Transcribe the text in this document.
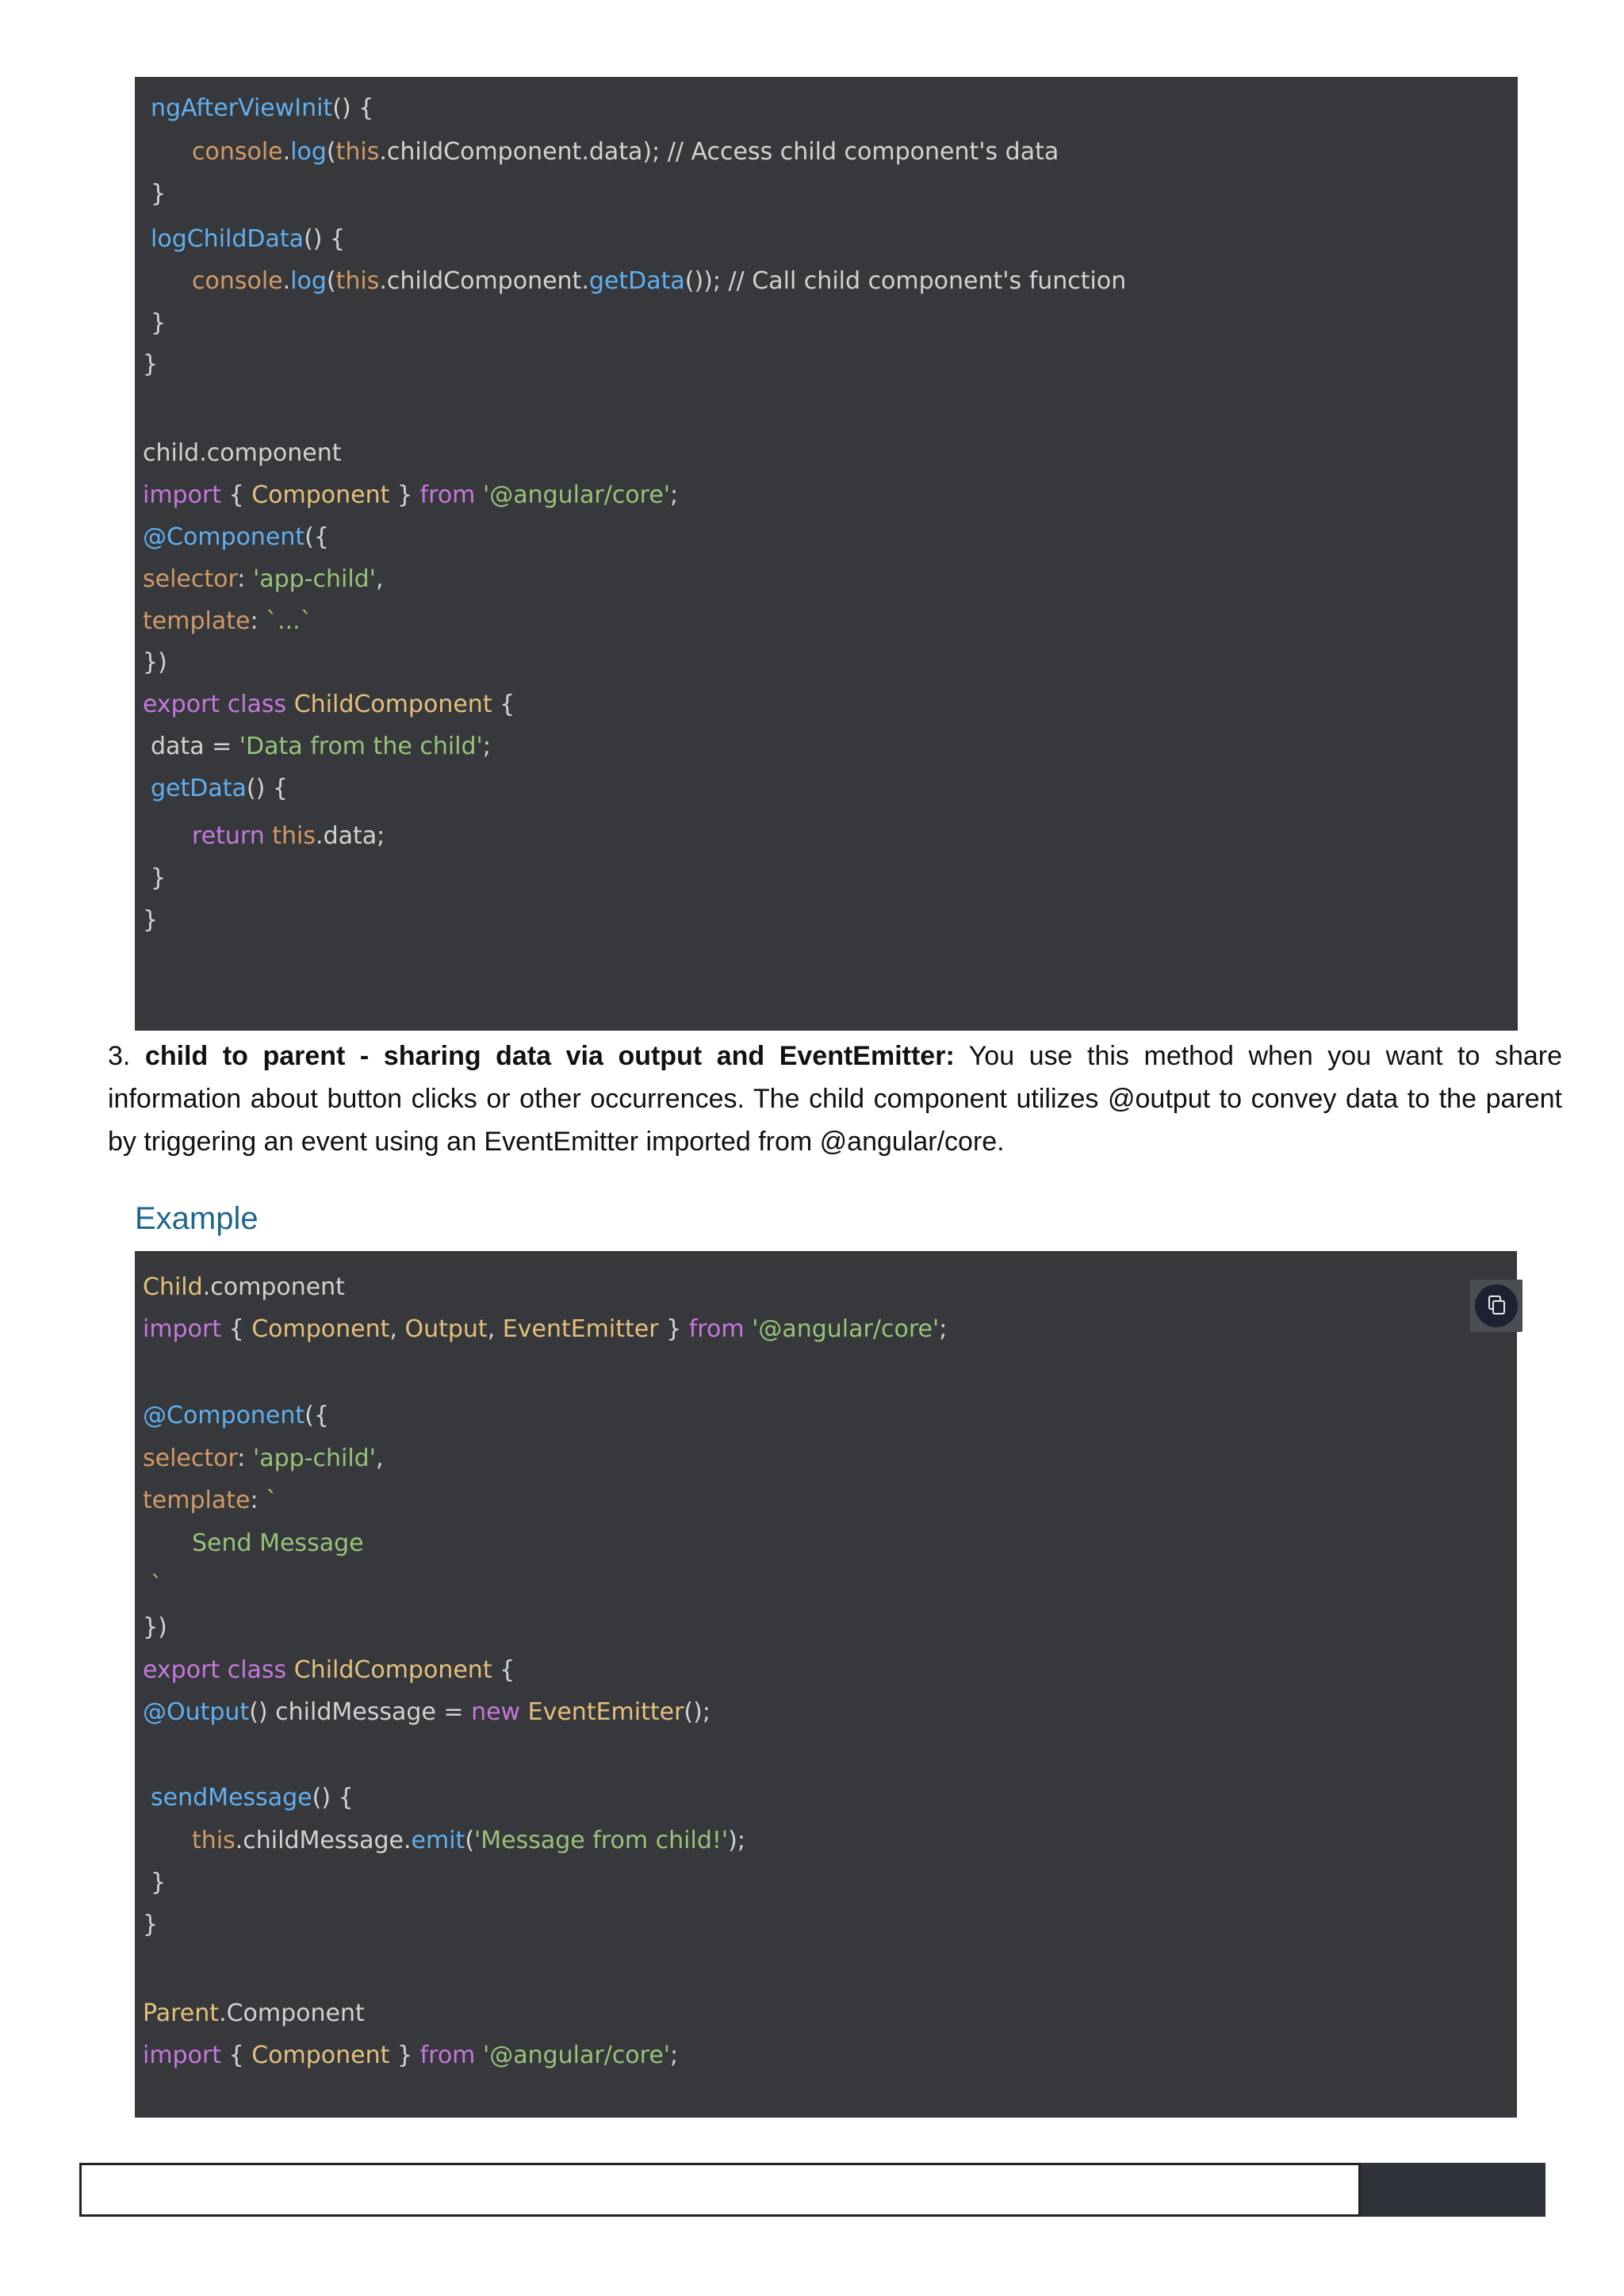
ngAfterViewInit() {
console.log(this.childComponent.data); // Access child component's data
}
logChildData() {
console.log(this.childComponent.getData()); // Call child component's function
}
}
child.component
import { Component } from '@angular/core';
@Component({
selector: 'app-child',
template: `...`
})
export class ChildComponent {
data = 'Data from the child';
getData() {
return this.data;
}
}

3. child to parent - sharing data via output and EventEmitter: You use this method when you want to share information about button clicks or other occurrences. The child component utilizes @output to convey data to the parent by triggering an event using an EventEmitter imported from @angular/core.

Example
Child.component
import { Component, Output, EventEmitter } from '@angular/core';
@Component({
selector: 'app-child',
template: `
Send Message
`
})
export class ChildComponent {
@Output() childMessage = new EventEmitter();
sendMessage() {
this.childMessage.emit('Message from child!');
}
}
Parent.Component
import { Component } from '@angular/core';
